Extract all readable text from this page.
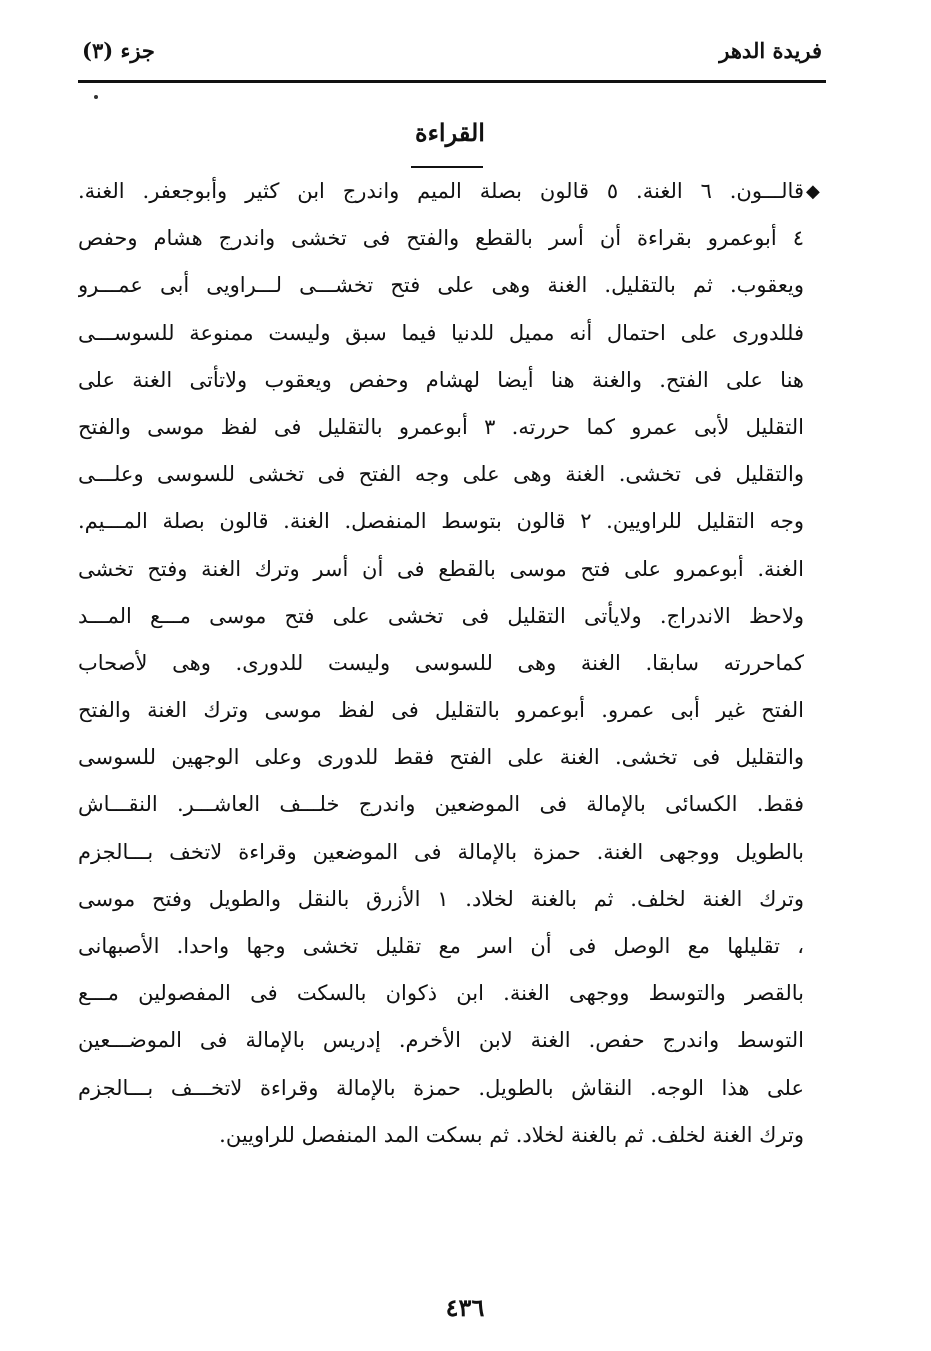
فريدة الدهر
جزء (٣)
القراءة
◆
قالـــون. ٦ الغنة. ٥ قالون بصلة الميم واندرج ابن كثير وأبوجعفر. الغنة.
٤ أبوعمرو بقراءة أن أسر بالقطع والفتح فى تخشى واندرج هشام وحفص
ويعقوب. ثم بالتقليل. الغنة وهى على فتح تخشـــى لـــراويى أبى عمـــرو
فللدورى على احتمال أنه مميل للدنيا فيما سبق وليست ممنوعة للسوســـى
هنا على الفتح. والغنة هنا أيضا لهشام وحفص ويعقوب ولاتأتى الغنة على
التقليل لأبى عمرو كما حررته. ٣ أبوعمرو بالتقليل فى لفظ موسى والفتح
والتقليل فى تخشى. الغنة وهى على وجه الفتح فى تخشى للسوسى وعلـــى
وجه التقليل للراويين. ٢ قالون بتوسط المنفصل. الغنة. قالون بصلة المـــيم.
الغنة. أبوعمرو على فتح موسى بالقطع فى أن أسر وترك الغنة وفتح تخشى
ولاحظ الاندراج. ولايأتى التقليل فى تخشى على فتح موسى مـــع المـــد
كماحررته سابقا. الغنة وهى للسوسى وليست للدورى. وهى لأصحاب
الفتح غير أبى عمرو. أبوعمرو بالتقليل فى لفظ موسى وترك الغنة والفتح
والتقليل فى تخشى. الغنة على الفتح فقط للدورى وعلى الوجهين للسوسى
فقط. الكسائى بالإمالة فى الموضعين واندرج خلـــف العاشـــر. النقـــاش
بالطويل ووجهى الغنة. حمزة بالإمالة فى الموضعين وقراءة لاتخف بـــالجزم
وترك الغنة لخلف. ثم بالغنة لخلاد. ١ الأزرق بالنقل والطويل وفتح موسى
، تقليلها مع الوصل فى أن اسر مع تقليل تخشى وجها واحدا. الأصبهانى
بالقصر والتوسط ووجهى الغنة. ابن ذكوان بالسكت فى المفصولين مـــع
التوسط واندرج حفص. الغنة لابن الأخرم. إدريس بالإمالة فى الموضـــعين
على هذا الوجه. النقاش بالطويل. حمزة بالإمالة وقراءة لاتخـــف بـــالجزم
وترك الغنة لخلف. ثم بالغنة لخلاد. ثم بسكت المد المنفصل للراويين.
٤٣٦
